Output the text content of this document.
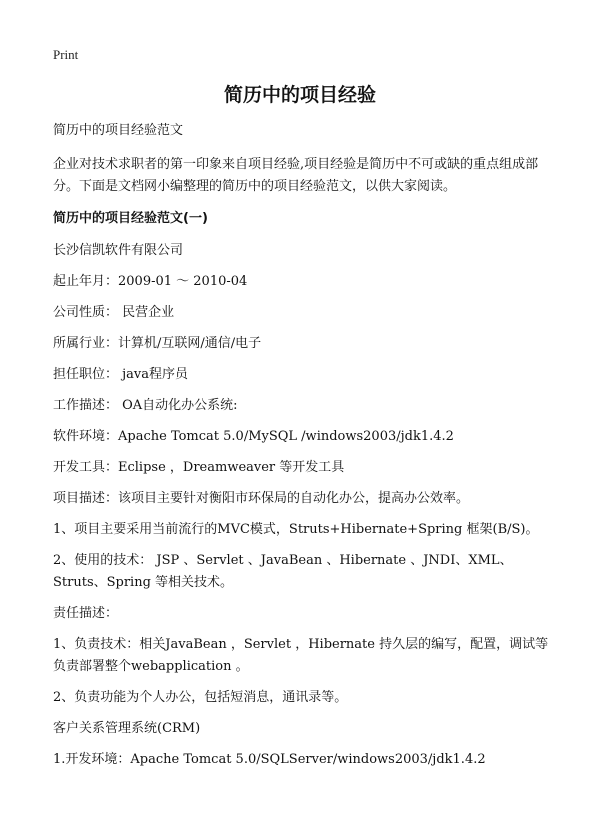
Print
简历中的项目经验

简历中的项目经验范文

企业对技术求职者的第一印象来自项目经验,项目经验是简历中不可或缺的重点组成部分。下面是文档网小编整理的简历中的项目经验范文，以供大家阅读。

简历中的项目经验范文(一)

长沙信凯软件有限公司

起止年月：2009-01 ～ 2010-04

公司性质： 民营企业

所属行业：计算机/互联网/通信/电子

担任职位： java程序员

工作描述： OA自动化办公系统:

软件环境：Apache Tomcat 5.0/MySQL /windows2003/jdk1.4.2

开发工具：Eclipse ，Dreamweaver 等开发工具

项目描述：该项目主要针对衡阳市环保局的自动化办公，提高办公效率。

1、项目主要采用当前流行的MVC模式，Struts+Hibernate+Spring 框架(B/S)。

2、使用的技术： JSP 、Servlet 、JavaBean 、Hibernate 、JNDI、XML、Struts、Spring 等相关技术。

责任描述：

1、负责技术：相关JavaBean ，Servlet ，Hibernate 持久层的编写，配置，调试等负责部署整个webapplication 。

2、负责功能为个人办公，包括短消息，通讯录等。

客户关系管理系统(CRM)

1.开发环境：Apache Tomcat 5.0/SQLServer/windows2003/jdk1.4.2
